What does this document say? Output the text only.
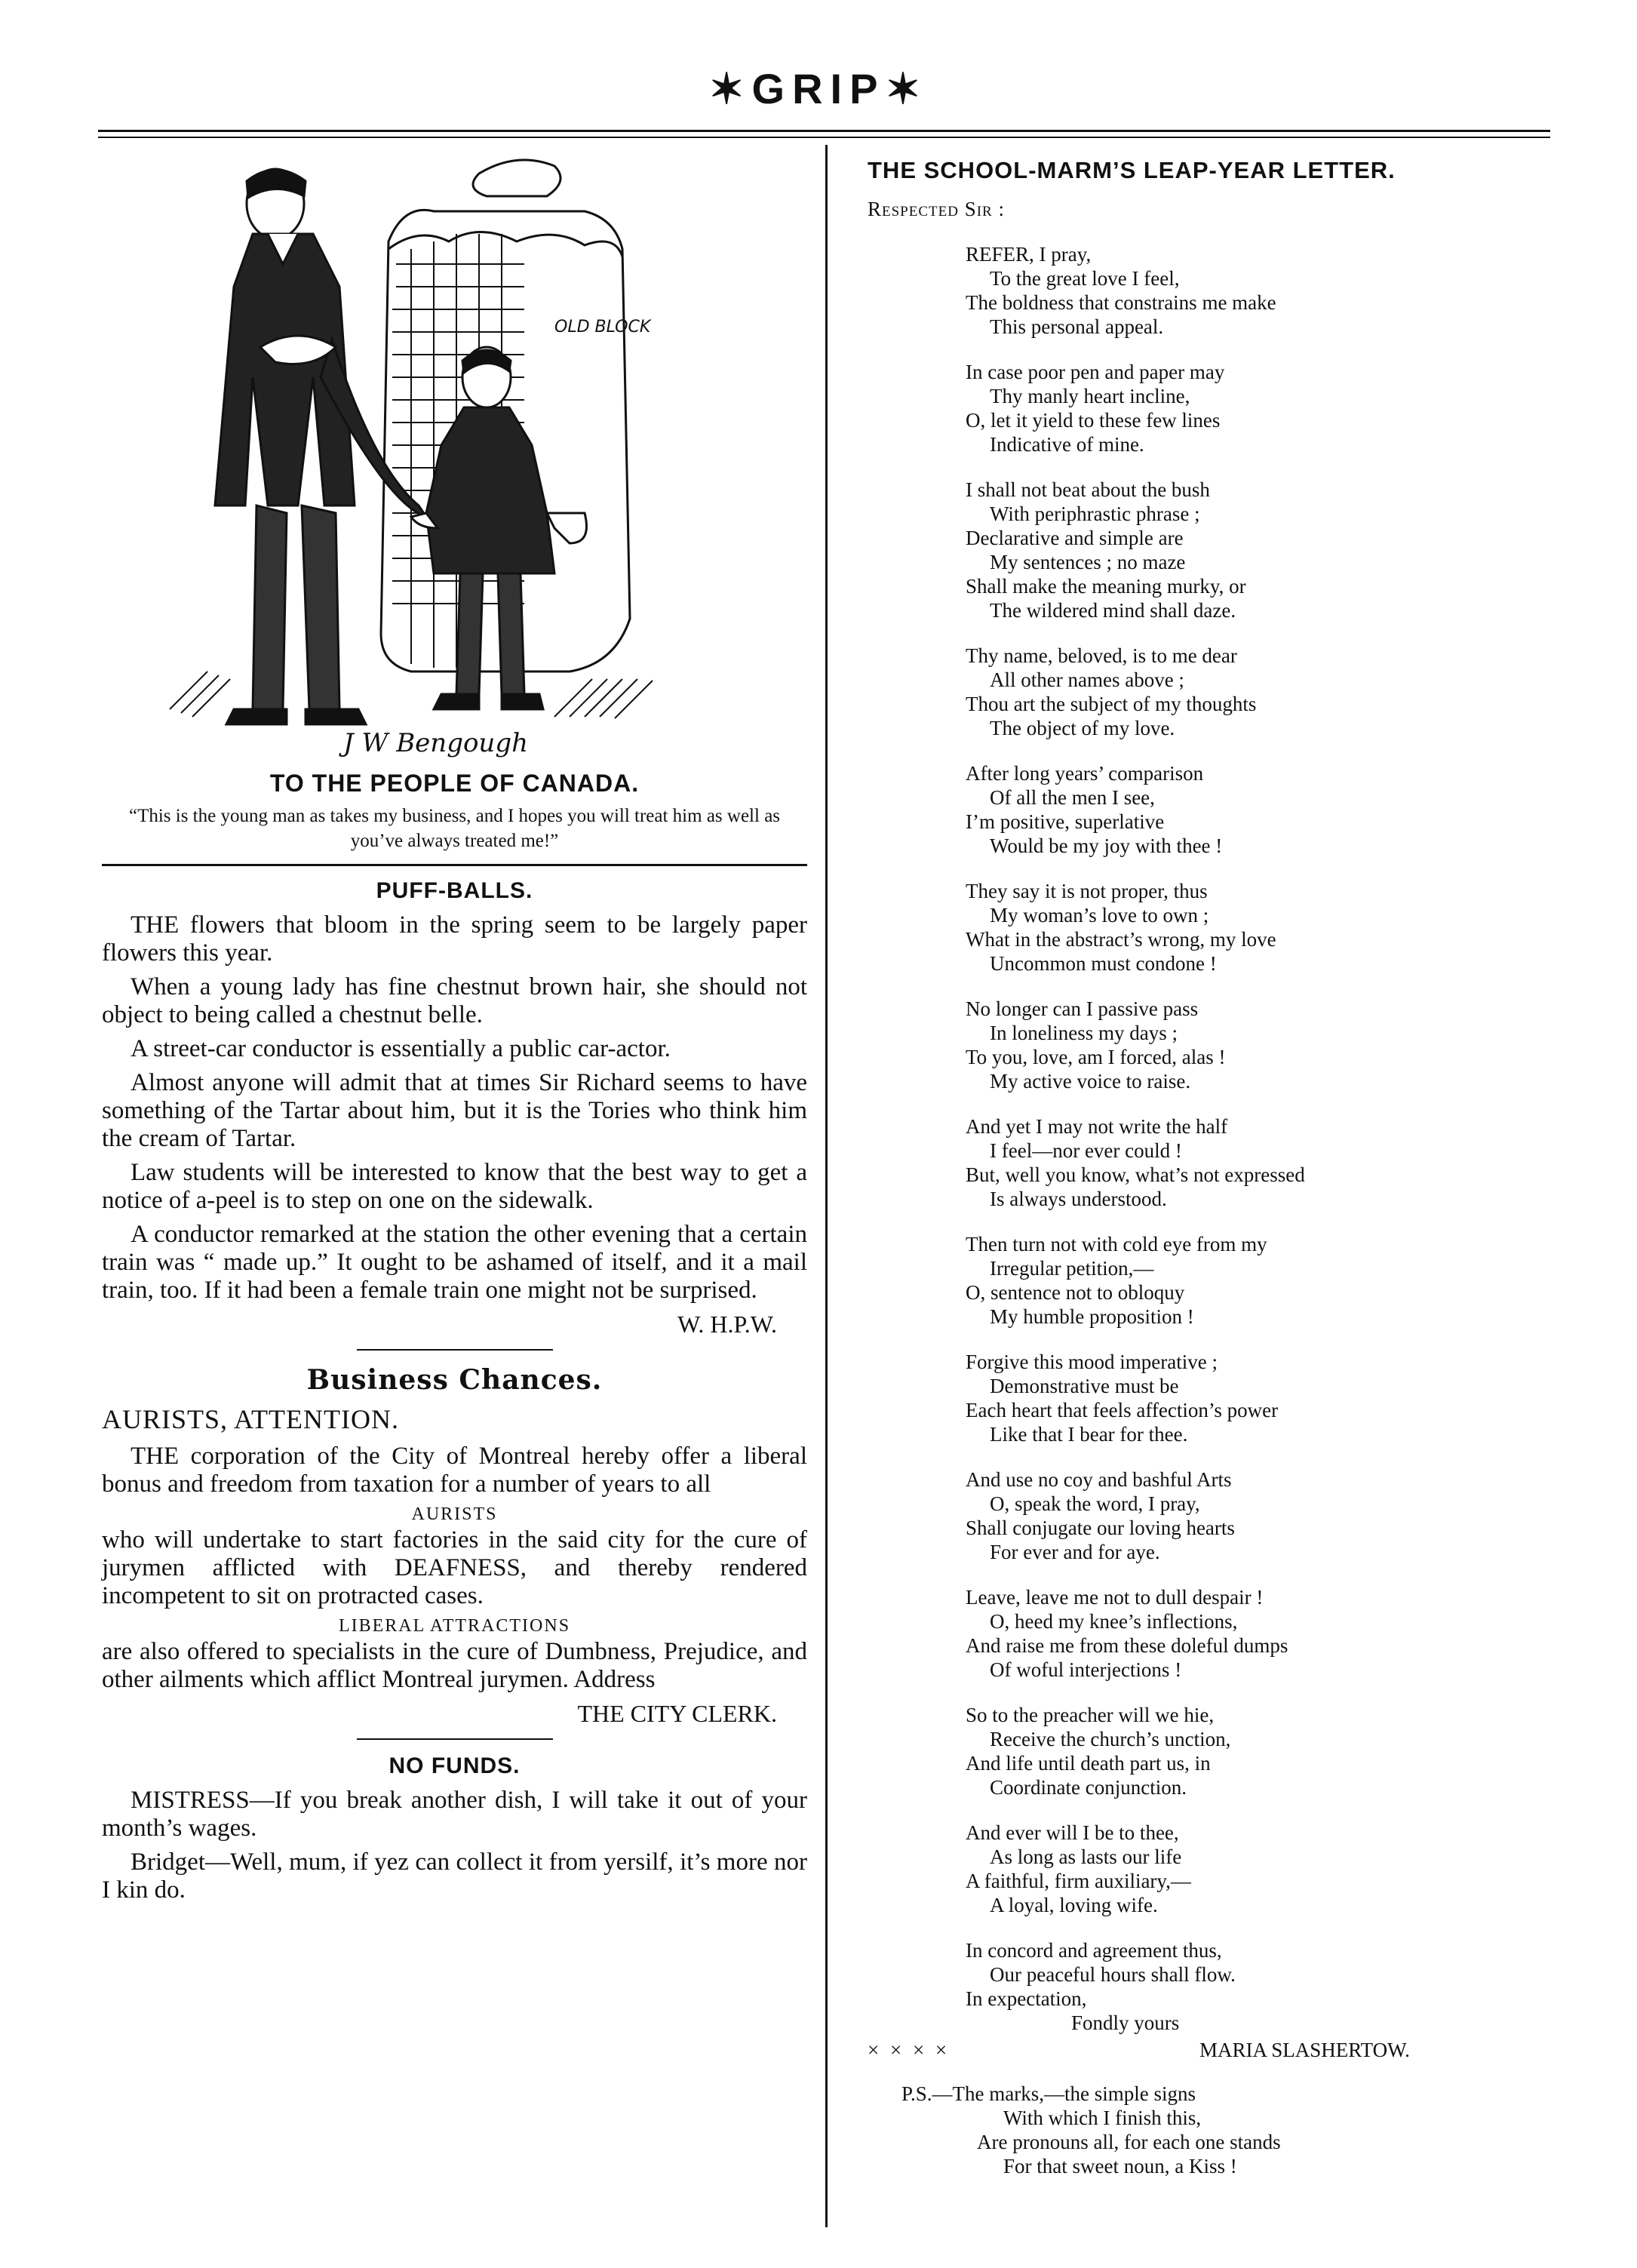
✶GRIP✶
OLD BLOCK
J W Bengough
TO THE PEOPLE OF CANADA.
“This is the young man as takes my business, and I hopes you will treat him as well as you’ve always treated me!”
PUFF-BALLS.

THE flowers that bloom in the spring seem to be largely paper flowers this year.

When a young lady has fine chestnut brown hair, she should not object to being called a chestnut belle.

A street-car conductor is essentially a public car-actor.

Almost anyone will admit that at times Sir Richard seems to have something of the Tartar about him, but it is the Tories who think him the cream of Tartar.

Law students will be interested to know that the best way to get a notice of a-peel is to step on one on the sidewalk.

A conductor remarked at the station the other evening that a certain train was “ made up.” It ought to be ashamed of itself, and it a mail train, too. If it had been a female train one might not be surprised.

W. H.P.W.
Business Chances.
AURISTS, ATTENTION.

THE corporation of the City of Montreal hereby offer a liberal bonus and freedom from taxation for a number of years to all

AURISTS

who will undertake to start factories in the said city for the cure of jurymen afflicted with DEAFNESS, and thereby rendered incompetent to sit on protracted cases.

LIBERAL ATTRACTIONS

are also offered to specialists in the cure of Dumbness, Prejudice, and other ailments which afflict Montreal jurymen. Address

THE CITY CLERK.
NO FUNDS.

MISTRESS—If you break another dish, I will take it out of your month’s wages.

Bridget—Well, mum, if yez can collect it from yersilf, it’s more nor I kin do.

THE SCHOOL-MARM’S LEAP-YEAR LETTER.
Respected Sir :
REFER, I pray,
To the great love I feel,
The boldness that constrains me make
This personal appeal.
In case poor pen and paper may
Thy manly heart incline,
O, let it yield to these few lines
Indicative of mine.
I shall not beat about the bush
With periphrastic phrase ;
Declarative and simple are
My sentences ; no maze
Shall make the meaning murky, or
The wildered mind shall daze.
Thy name, beloved, is to me dear
All other names above ;
Thou art the subject of my thoughts
The object of my love.
After long years’ comparison
Of all the men I see,
I’m positive, superlative
Would be my joy with thee !
They say it is not proper, thus
My woman’s love to own ;
What in the abstract’s wrong, my love
Uncommon must condone !
No longer can I passive pass
In loneliness my days ;
To you, love, am I forced, alas !
My active voice to raise.
And yet I may not write the half
I feel—nor ever could !
But, well you know, what’s not expressed
Is always understood.
Then turn not with cold eye from my
Irregular petition,—
O, sentence not to obloquy
My humble proposition !
Forgive this mood imperative ;
Demonstrative must be
Each heart that feels affection’s power
Like that I bear for thee.
And use no coy and bashful Arts
O, speak the word, I pray,
Shall conjugate our loving hearts
For ever and for aye.
Leave, leave me not to dull despair !
O, heed my knee’s inflections,
And raise me from these doleful dumps
Of woful interjections !
So to the preacher will we hie,
Receive the church’s unction,
And life until death part us, in
Coordinate conjunction.
And ever will I be to thee,
As long as lasts our life
A faithful, firm auxiliary,—
A loyal, loving wife.
In concord and agreement thus,
Our peaceful hours shall flow.
In expectation,
Fondly yours
× × × ×	MARIA SLASHERTOW.
P.S.—The marks,—the simple signs
With which I finish this,
Are pronouns all, for each one stands
For that sweet noun, a Kiss !
